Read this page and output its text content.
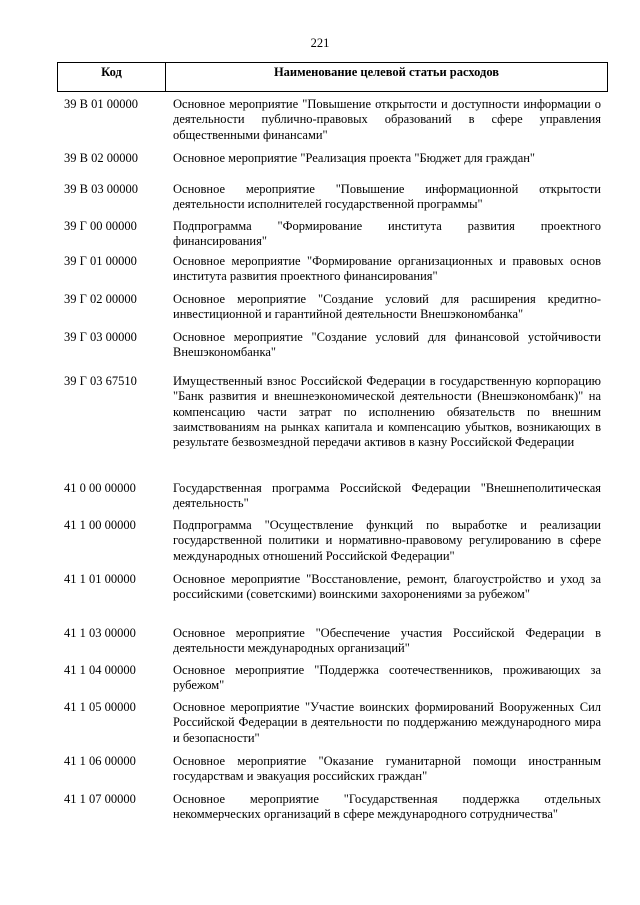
221
Код	Наименование целевой статьи расходов
39 В 01 00000	Основное мероприятие "Повышение открытости и доступности информации о деятельности публично-правовых образований в сфере управления общественными финансами"
39 В 02 00000	Основное мероприятие "Реализация проекта "Бюджет для граждан"
39 В 03 00000	Основное мероприятие "Повышение информационной открытости деятельности исполнителей государственной программы"
39 Г 00 00000	Подпрограмма "Формирование института развития проектного финансирования"
39 Г 01 00000	Основное мероприятие "Формирование организационных и правовых основ института развития проектного финансирования"
39 Г 02 00000	Основное мероприятие "Создание условий для расширения кредитно-инвестиционной и гарантийной деятельности Внешэкономбанка"
39 Г 03 00000	Основное мероприятие "Создание условий для финансовой устойчивости Внешэкономбанка"
39 Г 03 67510	Имущественный взнос Российской Федерации в государственную корпорацию "Банк развития и внешнеэкономической деятельности (Внешэкономбанк)" на компенсацию части затрат по исполнению обязательств по внешним заимствованиям на рынках капитала и компенсацию убытков, возникающих в результате безвозмездной передачи активов в казну Российской Федерации
41 0 00 00000	Государственная программа Российской Федерации "Внешнеполитическая деятельность"
41 1 00 00000	Подпрограмма "Осуществление функций по выработке и реализации государственной политики и нормативно-правовому регулированию в сфере международных отношений Российской Федерации"
41 1 01 00000	Основное мероприятие "Восстановление, ремонт, благоустройство и уход за российскими (советскими) воинскими захоронениями за рубежом"
41 1 03 00000	Основное мероприятие "Обеспечение участия Российской Федерации в деятельности международных организаций"
41 1 04 00000	Основное мероприятие "Поддержка соотечественников, проживающих за рубежом"
41 1 05 00000	Основное мероприятие "Участие воинских формирований Вооруженных Сил Российской Федерации в деятельности по поддержанию международного мира и безопасности"
41 1 06 00000	Основное мероприятие "Оказание гуманитарной помощи иностранным государствам и эвакуация российских граждан"
41 1 07 00000	Основное мероприятие "Государственная поддержка отдельных некоммерческих организаций в сфере международного сотрудничества"
